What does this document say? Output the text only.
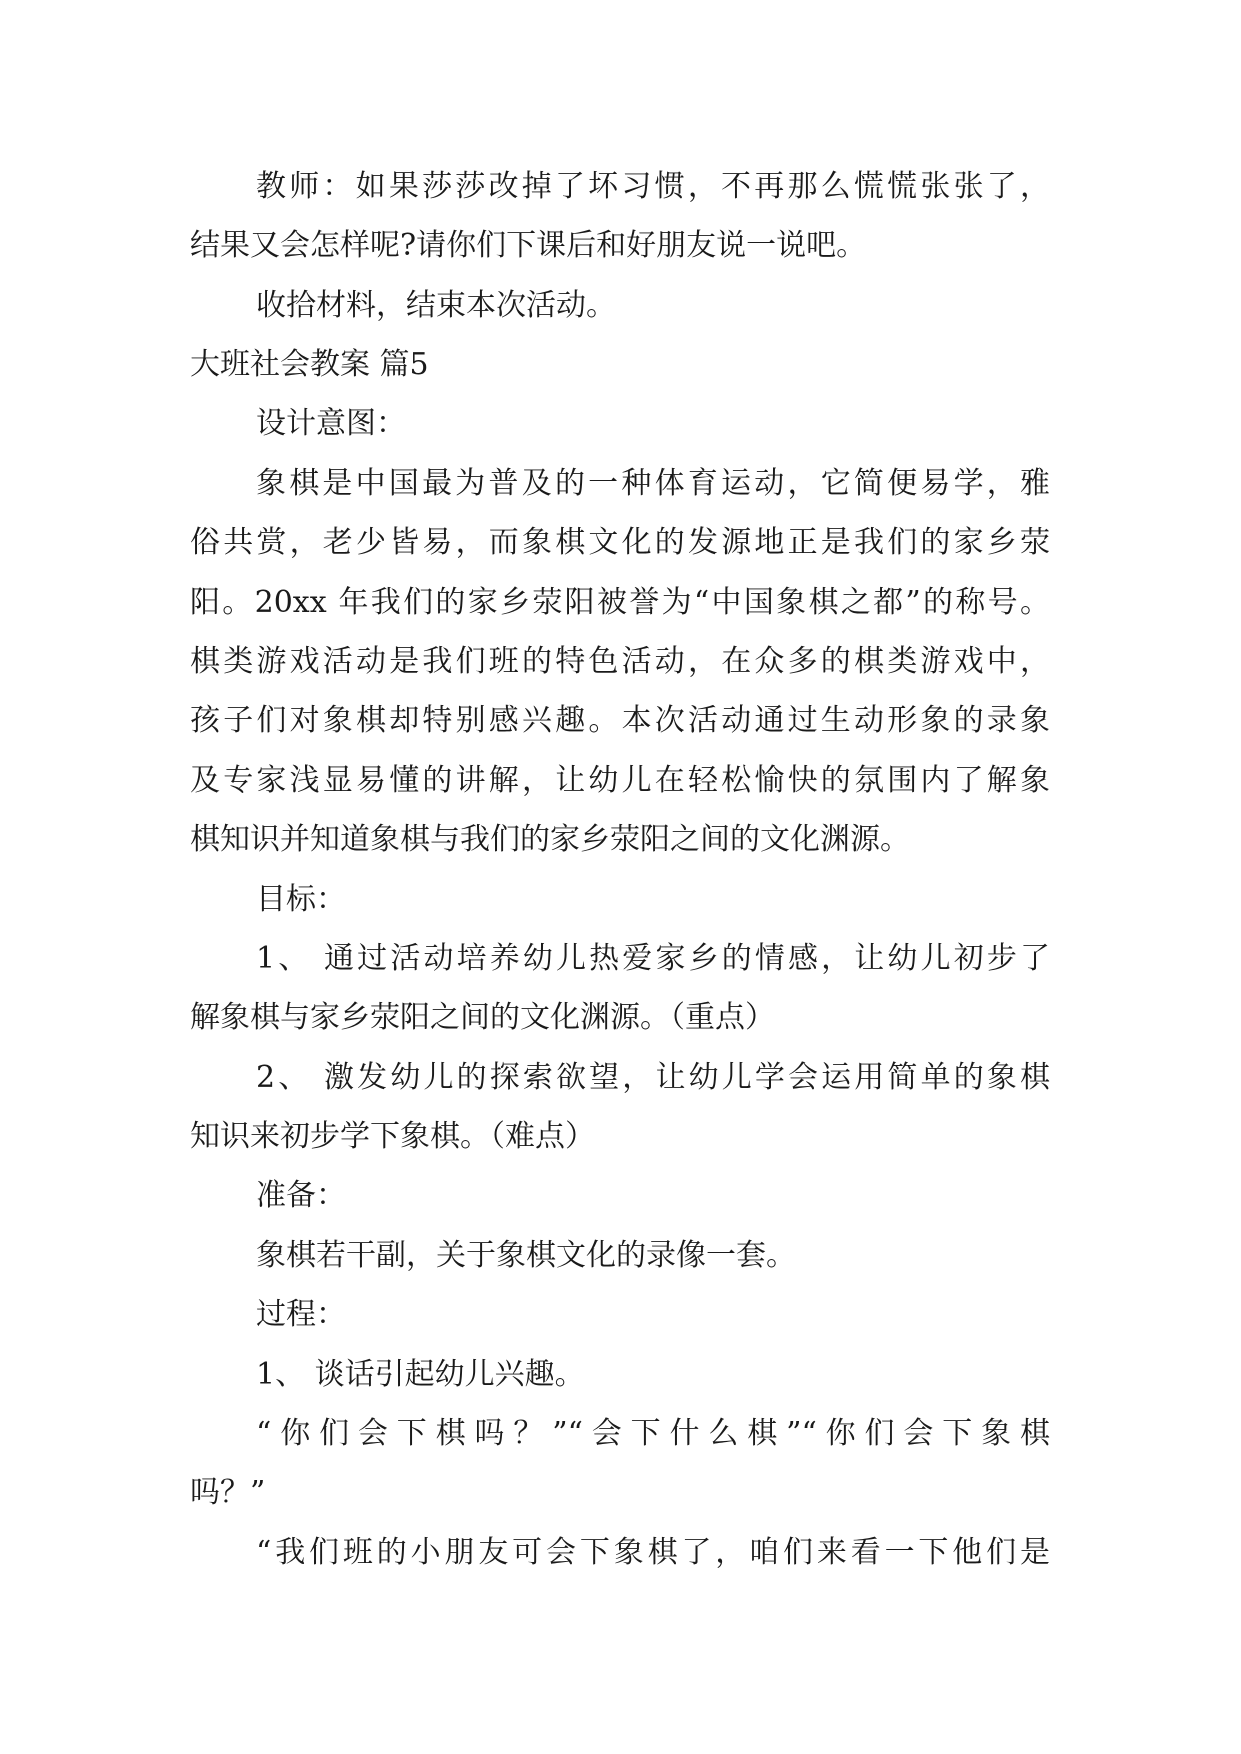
教师：如果莎莎改掉了坏习惯，不再那么慌慌张张了，
结果又会怎样呢?请你们下课后和好朋友说一说吧。
收拾材料，结束本次活动。
大班社会教案 篇5
设计意图：
象棋是中国最为普及的一种体育运动，它简便易学，雅
俗共赏，老少皆易，而象棋文化的发源地正是我们的家乡荥
阳。20xx 年我们的家乡荥阳被誉为“中国象棋之都”的称号。
棋类游戏活动是我们班的特色活动，在众多的棋类游戏中，
孩子们对象棋却特别感兴趣。本次活动通过生动形象的录象
及专家浅显易懂的讲解，让幼儿在轻松愉快的氛围内了解象
棋知识并知道象棋与我们的家乡荥阳之间的文化渊源。
目标：
1、 通过活动培养幼儿热爱家乡的情感，让幼儿初步了
解象棋与家乡荥阳之间的文化渊源。（重点）
2、 激发幼儿的探索欲望，让幼儿学会运用简单的象棋
知识来初步学下象棋。（难点）
准备：
象棋若干副，关于象棋文化的录像一套。
过程：
1、 谈话引起幼儿兴趣。
“你们会下棋吗？”“会下什么棋”“你们会下象棋
吗？”
“我们班的小朋友可会下象棋了，咱们来看一下他们是
